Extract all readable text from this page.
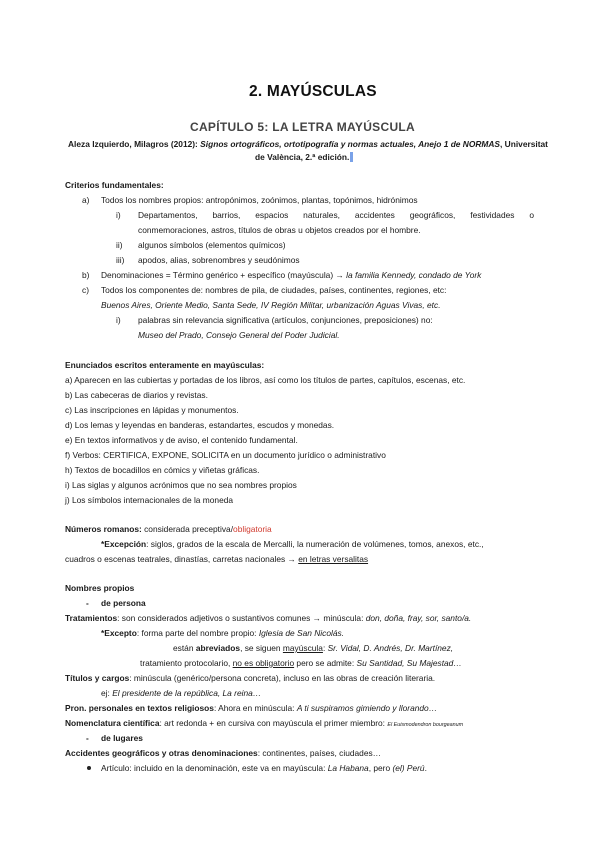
2. MAYÚSCULAS
CAPÍTULO 5: LA LETRA MAYÚSCULA
Aleza Izquierdo, Milagros (2012): Signos ortográficos, ortotipografía y normas actuales, Anejo 1 de NORMAS, Universitat
de València, 2.ª edición.
Criterios fundamentales:
a) Todos los nombres propios: antropónimos, zoónimos, plantas, topónimos, hidrónimos
i) Departamentos, barrios, espacios naturales, accidentes geográficos, festividades o
conmemoraciones, astros, títulos de obras u objetos creados por el hombre.
ii) algunos símbolos (elementos químicos)
iii) apodos, alias, sobrenombres y seudónimos
b) Denominaciones = Término genérico + específico (mayúscula) → la familia Kennedy, condado de York
c) Todos los componentes de: nombres de pila, de ciudades, países, continentes, regiones, etc:
Buenos Aires, Oriente Medio, Santa Sede, IV Región Militar, urbanización Aguas Vivas, etc.
i) palabras sin relevancia significativa (artículos, conjunciones, preposiciones) no:
Museo del Prado, Consejo General del Poder Judicial.
Enunciados escritos enteramente en mayúsculas:
a) Aparecen en las cubiertas y portadas de los libros, así como los títulos de partes, capítulos, escenas, etc.
b) Las cabeceras de diarios y revistas.
c) Las inscripciones en lápidas y monumentos.
d) Los lemas y leyendas en banderas, estandartes, escudos y monedas.
e) En textos informativos y de aviso, el contenido fundamental.
f) Verbos: CERTIFICA, EXPONE, SOLICITA en un documento jurídico o administrativo
h) Textos de bocadillos en cómics y viñetas gráficas.
i) Las siglas y algunos acrónimos que no sea nombres propios
j) Los símbolos internacionales de la moneda
Números romanos: considerada preceptiva/obligatoria
*Excepción: siglos, grados de la escala de Mercalli, la numeración de volúmenes, tomos, anexos, etc.,
cuadros o escenas teatrales, dinastías, carretas nacionales → en letras versalitas
Nombres propios
- de persona
Tratamientos: son considerados adjetivos o sustantivos comunes → minúscula: don, doña, fray, sor, santo/a.
*Excepto: forma parte del nombre propio: Iglesia de San Nicolás.
están abreviados, se siguen mayúscula: Sr. Vidal, D. Andrés, Dr. Martínez,
tratamiento protocolario, no es obligatorio pero se admite: Su Santidad, Su Majestad…
Títulos y cargos: minúscula (genérico/persona concreta), incluso en las obras de creación literaria.
ej: El presidente de la república, La reina…
Pron. personales en textos religiosos: Ahora en minúscula: A ti suspiramos gimiendo y llorando…
Nomenclatura científica: art redonda + en cursiva con mayúscula el primer miembro: El Euismodendron bourgeanum
- de lugares
Accidentes geográficos y otras denominaciones: continentes, países, ciudades…
Artículo: incluido en la denominación, este va en mayúscula: La Habana, pero (el) Perú.
